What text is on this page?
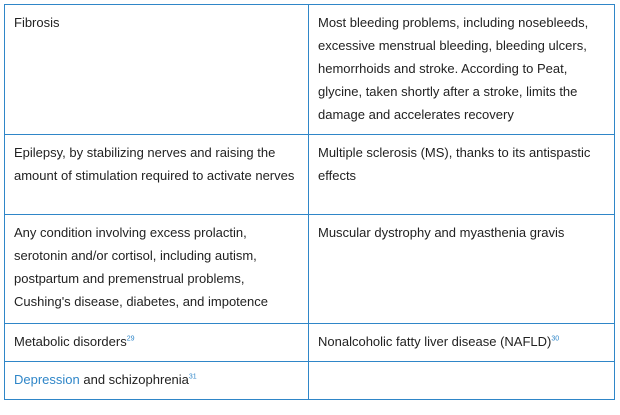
Fibrosis	Most bleeding problems, including nosebleeds, excessive menstrual bleeding, bleeding ulcers, hemorrhoids and stroke. According to Peat, glycine, taken shortly after a stroke, limits the damage and accelerates recovery
Epilepsy, by stabilizing nerves and raising the amount of stimulation required to activate nerves	Multiple sclerosis (MS), thanks to its antispastic effects
Any condition involving excess prolactin, serotonin and/or cortisol, including autism, postpartum and premenstrual problems, Cushing's disease, diabetes, and impotence	Muscular dystrophy and myasthenia gravis
Metabolic disorders$^{29}$	Nonalcoholic fatty liver disease (NAFLD)$^{30}$
Depression and schizophrenia$^{31}$	
